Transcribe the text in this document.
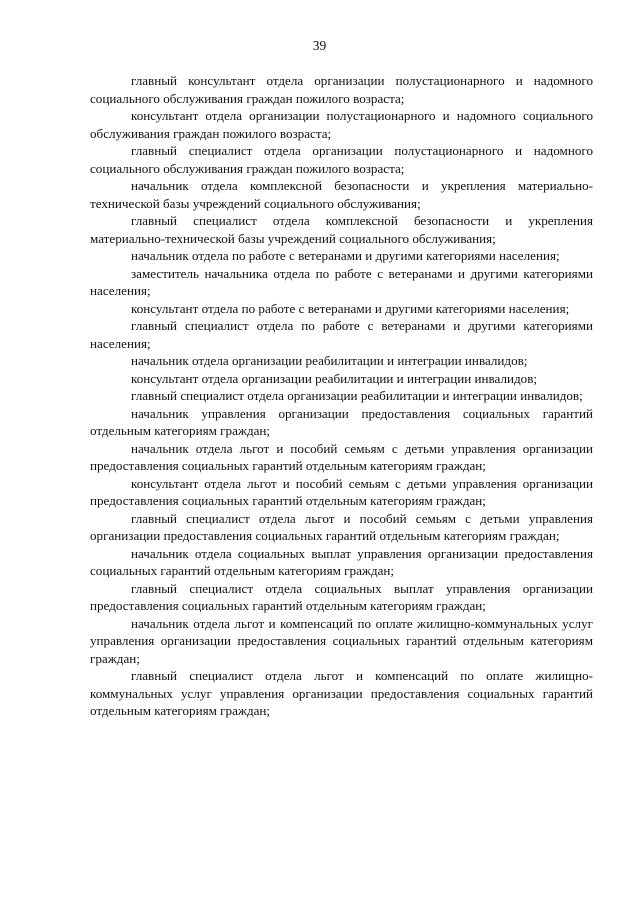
39

главный консультант отдела организации полустационарного и надомного социального обслуживания граждан пожилого возраста;

консультант отдела организации полустационарного и надомного социального обслуживания граждан пожилого возраста;

главный специалист отдела организации полустационарного и надомного социального обслуживания граждан пожилого возраста;

начальник отдела комплексной безопасности и укрепления материально-технической базы учреждений социального обслуживания;

главный специалист отдела комплексной безопасности и укрепления материально-технической базы учреждений социального обслуживания;

начальник отдела по работе с ветеранами и другими категориями населения;

заместитель начальника отдела по работе с ветеранами и другими категориями населения;

консультант отдела по работе с ветеранами и другими категориями населения;

главный специалист отдела по работе с ветеранами и другими категориями населения;

начальник отдела организации реабилитации и интеграции инвалидов;

консультант отдела организации реабилитации и интеграции инвалидов;

главный специалист отдела организации реабилитации и интеграции инвалидов;

начальник управления организации предоставления социальных гарантий отдельным категориям граждан;

начальник отдела льгот и пособий семьям с детьми управления организации предоставления социальных гарантий отдельным категориям граждан;

консультант отдела льгот и пособий семьям с детьми управления организации предоставления социальных гарантий отдельным категориям граждан;

главный специалист отдела льгот и пособий семьям с детьми управления организации предоставления социальных гарантий отдельным категориям граждан;

начальник отдела социальных выплат управления организации предоставления социальных гарантий отдельным категориям граждан;

главный специалист отдела социальных выплат управления организации предоставления социальных гарантий отдельным категориям граждан;

начальник отдела льгот и компенсаций по оплате жилищно-коммунальных услуг управления организации предоставления социальных гарантий отдельным категориям граждан;

главный специалист отдела льгот и компенсаций по оплате жилищно-коммунальных услуг управления организации предоставления социальных гарантий отдельным категориям граждан;
